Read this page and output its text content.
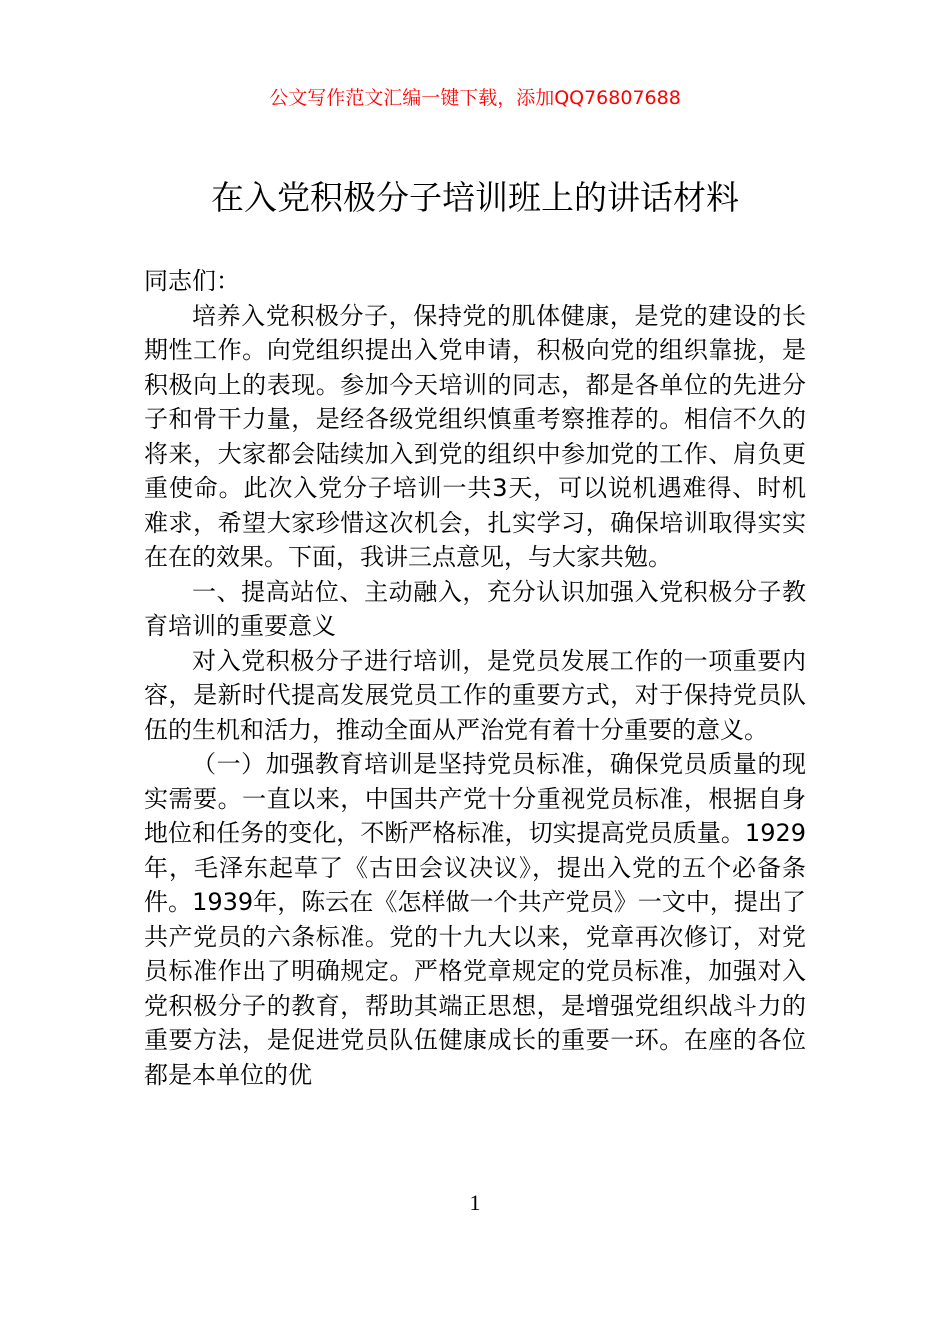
公文写作范文汇编一键下载，添加QQ76807688
在入党积极分子培训班上的讲话材料

同志们：

培养入党积极分子，保持党的肌体健康，是党的建设的长期性工作。向党组织提出入党申请，积极向党的组织靠拢，是积极向上的表现。参加今天培训的同志，都是各单位的先进分子和骨干力量，是经各级党组织慎重考察推荐的。相信不久的将来，大家都会陆续加入到党的组织中参加党的工作、肩负更重使命。此次入党分子培训一共3天，可以说机遇难得、时机难求，希望大家珍惜这次机会，扎实学习，确保培训取得实实在在的效果。下面，我讲三点意见，与大家共勉。

一、提高站位、主动融入，充分认识加强入党积极分子教育培训的重要意义

对入党积极分子进行培训，是党员发展工作的一项重要内容，是新时代提高发展党员工作的重要方式，对于保持党员队伍的生机和活力，推动全面从严治党有着十分重要的意义。

（一）加强教育培训是坚持党员标准，确保党员质量的现实需要。一直以来，中国共产党十分重视党员标准，根据自身地位和任务的变化，不断严格标准，切实提高党员质量。1929年，毛泽东起草了《古田会议决议》，提出入党的五个必备条件。1939年，陈云在《怎样做一个共产党员》一文中，提出了共产党员的六条标准。党的十九大以来，党章再次修订，对党员标准作出了明确规定。严格党章规定的党员标准，加强对入党积极分子的教育，帮助其端正思想，是增强党组织战斗力的重要方法，是促进党员队伍健康成长的重要一环。在座的各位都是本单位的优

1
